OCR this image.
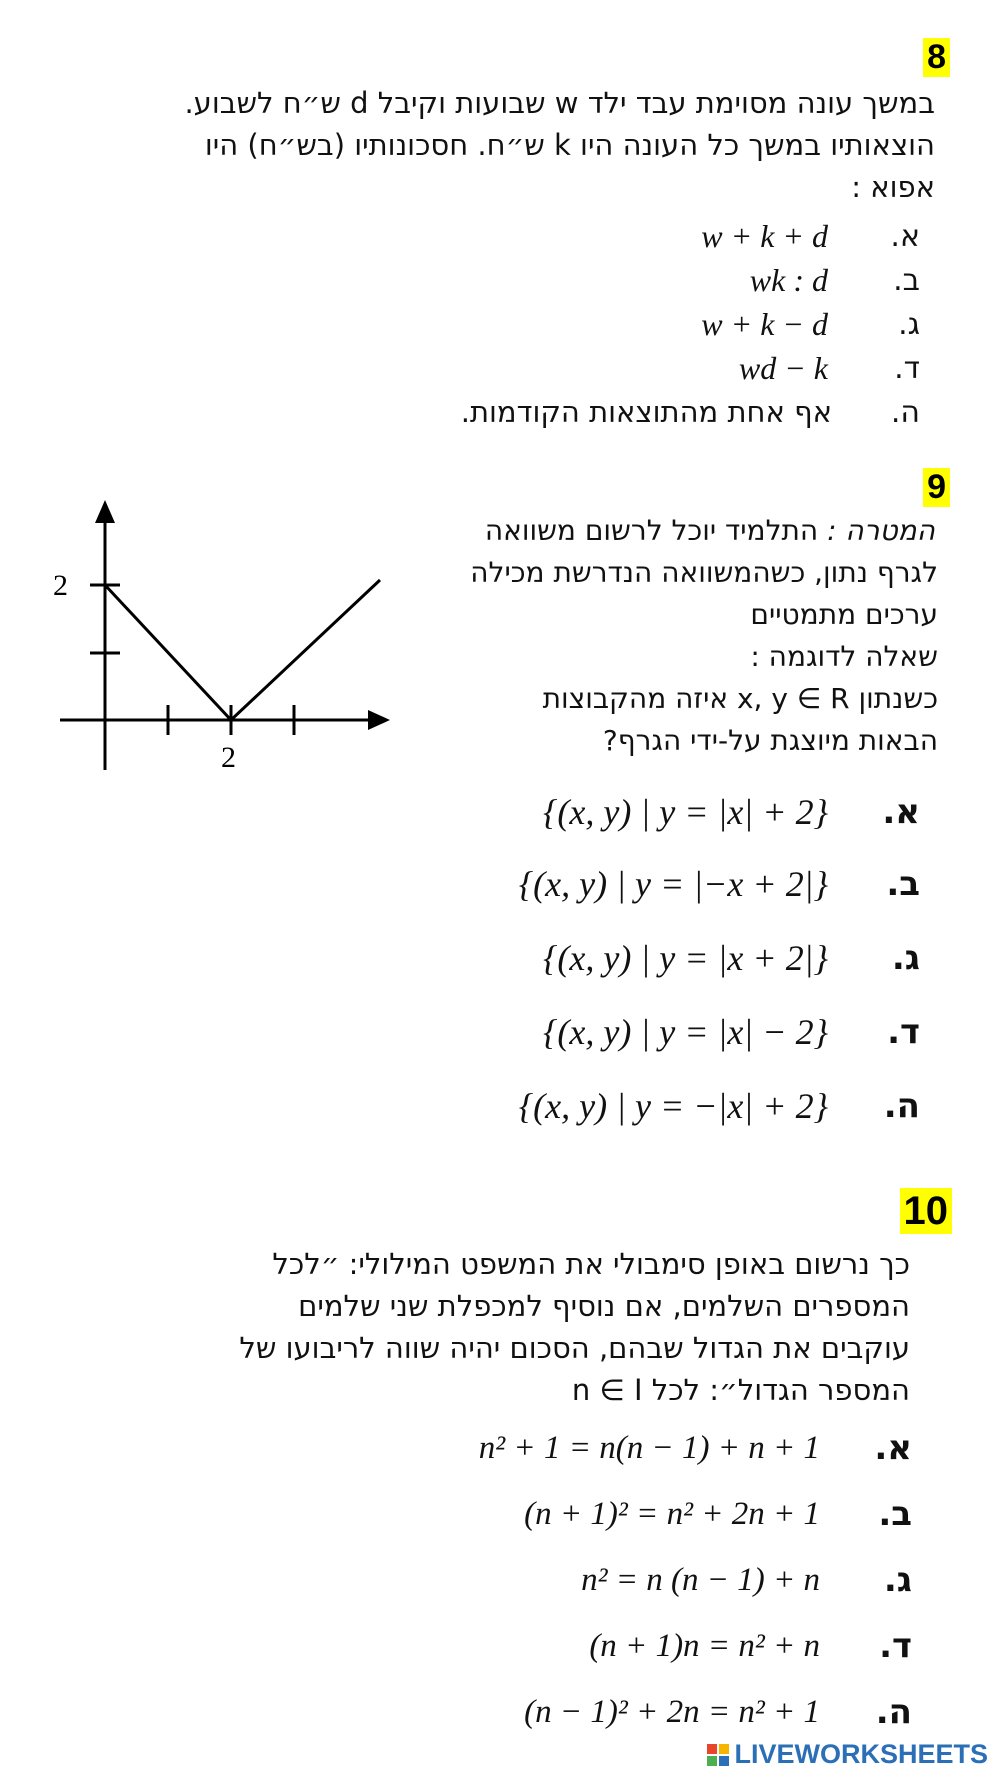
8
במשך עונה מסוימת עבד ילד w שבועות וקיבל d ש״ח לשבוע.
הוצאותיו במשך כל העונה היו k ש״ח. חסכונותיו (בש״ח) היו
אפוא :
א.
w + k + d
ב.
wk : d
ג.
w + k − d
ד.
wd − k
ה.
אף אחת מהתוצאות הקודמות.
9
המטרה : התלמיד יוכל לרשום משוואה
לגרף נתון, כשהמשוואה הנדרשת מכילה
ערכים מתמטיים
שאלה לדוגמה :
כשנתון x, y ∈ R איזה מהקבוצות
הבאות מיוצגת על-ידי הגרף?
2
2
א.
{(x, y) | y = |x| + 2}
ב.
{(x, y) | y = |−x + 2|}
ג.
{(x, y) | y = |x + 2|}
ד.
{(x, y) | y = |x| − 2}
ה.
{(x, y) | y = −|x| + 2}
10
כך נרשום באופן סימבולי את המשפט המילולי: ״לכל
המספרים השלמים, אם נוסיף למכפלת שני שלמים
עוקבים את הגדול שבהם, הסכום יהיה שווה לריבועו של
המספר הגדול״: לכל n ∈ I
א.
n² + 1 = n(n − 1) + n + 1
ב.
(n + 1)² = n² + 2n + 1
ג.
n² = n (n − 1) + n
ד.
(n + 1)n = n² + n
ה.
(n − 1)² + 2n = n² + 1
LIVEWORKSHEETS
